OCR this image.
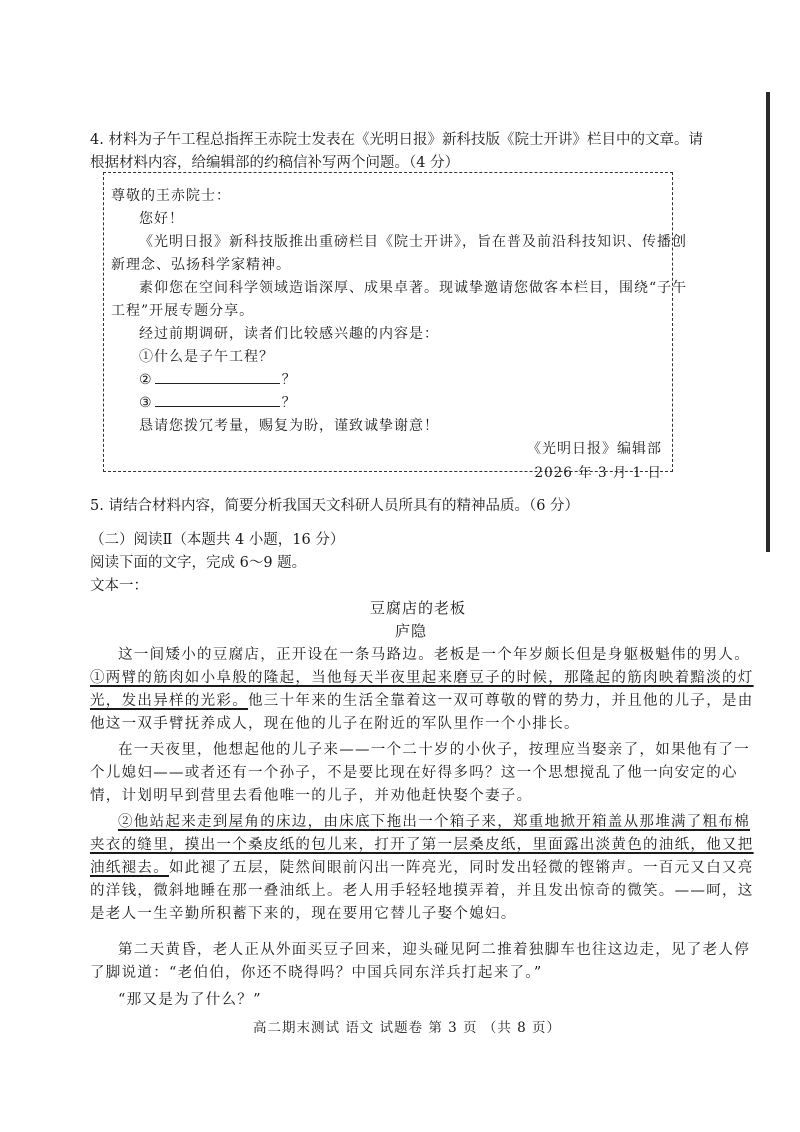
4. 材料为子午工程总指挥王赤院士发表在《光明日报》新科技版《院士开讲》栏目中的文章。请
根据材料内容，给编辑部的约稿信补写两个问题。（4 分）
尊敬的王赤院士：
您好！
《光明日报》新科技版推出重磅栏目《院士开讲》，旨在普及前沿科技知识、传播创
新理念、弘扬科学家精神。
素仰您在空间科学领域造诣深厚、成果卓著。现诚挚邀请您做客本栏目，围绕“子午
工程”开展专题分享。
经过前期调研，读者们比较感兴趣的内容是：
①什么是子午工程？
②	？
③	？
恳请您拨冗考量，赐复为盼，谨致诚挚谢意！
《光明日报》编辑部
2026 年 3 月 1 日
5. 请结合材料内容，简要分析我国天文科研人员所具有的精神品质。（6 分）
（二）阅读Ⅱ（本题共 4 小题，16 分）
阅读下面的文字，完成 6～9 题。
文本一：
豆腐店的老板
庐隐
这一间矮小的豆腐店，正开设在一条马路边。老板是一个年岁颇长但是身躯极魁伟的男人。
①两臂的筋肉如小阜般的隆起，当他每天半夜里起来磨豆子的时候，那隆起的筋肉映着黯淡的灯
光，发出异样的光彩。他三十年来的生活全靠着这一双可尊敬的臂的势力，并且他的儿子，是由
他这一双手臂抚养成人，现在他的儿子在附近的军队里作一个小排长。
在一天夜里，他想起他的儿子来——一个二十岁的小伙子，按理应当娶亲了，如果他有了一
个儿媳妇——或者还有一个孙子，不是要比现在好得多吗？这一个思想搅乱了他一向安定的心
情，计划明早到营里去看他唯一的儿子，并劝他赶快娶个妻子。
②他站起来走到屋角的床边，由床底下拖出一个箱子来，郑重地掀开箱盖从那堆满了粗布棉
夹衣的缝里，摸出一个桑皮纸的包儿来，打开了第一层桑皮纸，里面露出淡黄色的油纸，他又把
油纸褪去。如此褪了五层，陡然间眼前闪出一阵亮光，同时发出轻微的铿锵声。一百元又白又亮
的洋钱，微斜地睡在那一叠油纸上。老人用手轻轻地摸弄着，并且发出惊奇的微笑。——呵，这
是老人一生辛勤所积蓄下来的，现在要用它替儿子娶个媳妇。
第二天黄昏，老人正从外面买豆子回来，迎头碰见阿二推着独脚车也往这边走，见了老人停
了脚说道：“老伯伯，你还不晓得吗？中国兵同东洋兵打起来了。”
“那又是为了什么？”
高二期末测试 语文 试题卷 第 3 页 （共 8 页）
